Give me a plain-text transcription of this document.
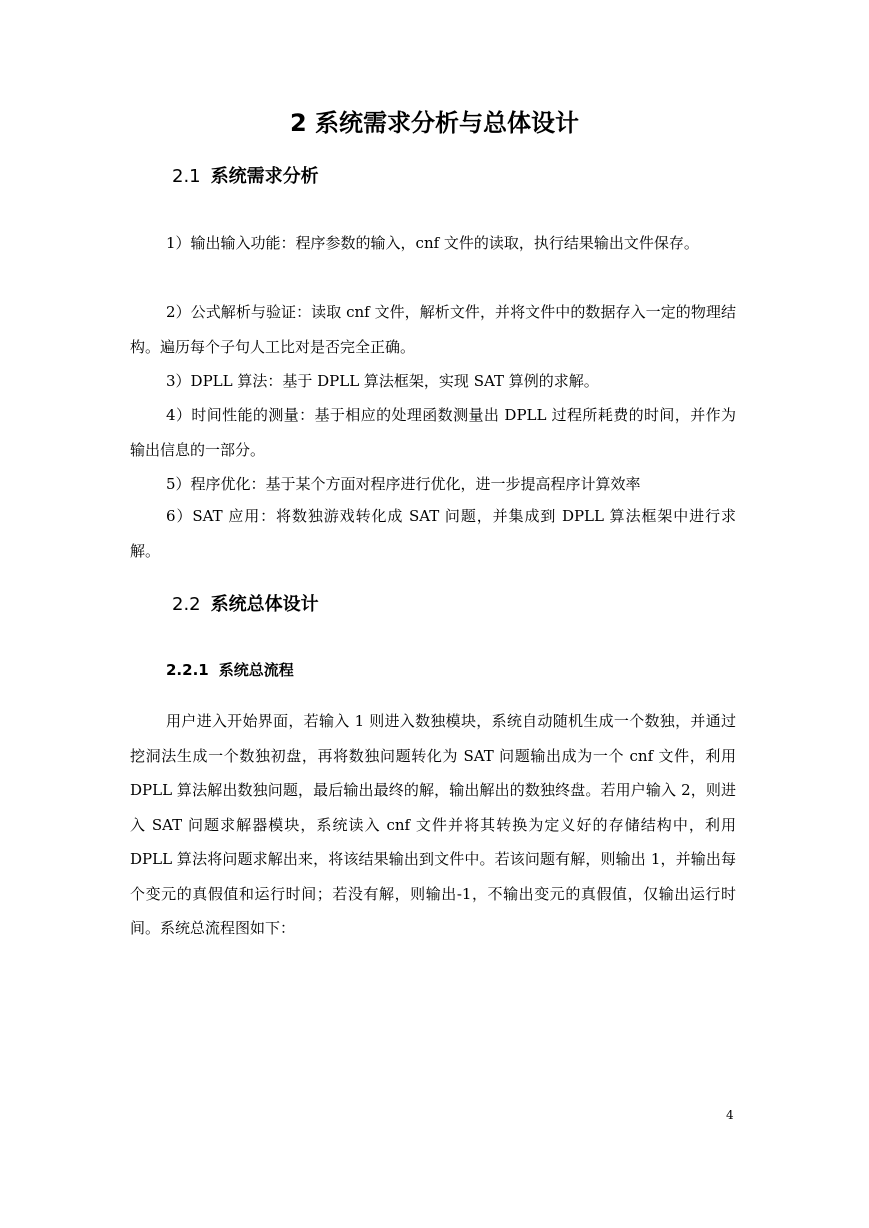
2 系统需求分析与总体设计
2.1 系统需求分析

1）输出输入功能：程序参数的输入，cnf 文件的读取，执行结果输出文件保存。

2）公式解析与验证：读取 cnf 文件，解析文件，并将文件中的数据存入一定的物理结构。遍历每个子句人工比对是否完全正确。

3）DPLL 算法：基于 DPLL 算法框架，实现 SAT 算例的求解。

4）时间性能的测量：基于相应的处理函数测量出 DPLL 过程所耗费的时间，并作为输出信息的一部分。

5）程序优化：基于某个方面对程序进行优化，进一步提高程序计算效率

6）SAT 应用：将数独游戏转化成 SAT 问题，并集成到 DPLL 算法框架中进行求解。

2.2 系统总体设计
2.2.1 系统总流程

用户进入开始界面，若输入 1 则进入数独模块，系统自动随机生成一个数独，并通过挖洞法生成一个数独初盘，再将数独问题转化为 SAT 问题输出成为一个 cnf 文件，利用 DPLL 算法解出数独问题，最后输出最终的解，输出解出的数独终盘。若用户输入 2，则进入 SAT 问题求解器模块，系统读入 cnf 文件并将其转换为定义好的存储结构中，利用 DPLL 算法将问题求解出来，将该结果输出到文件中。若该问题有解，则输出 1，并输出每个变元的真假值和运行时间；若没有解，则输出-1，不输出变元的真假值，仅输出运行时间。系统总流程图如下：

4
